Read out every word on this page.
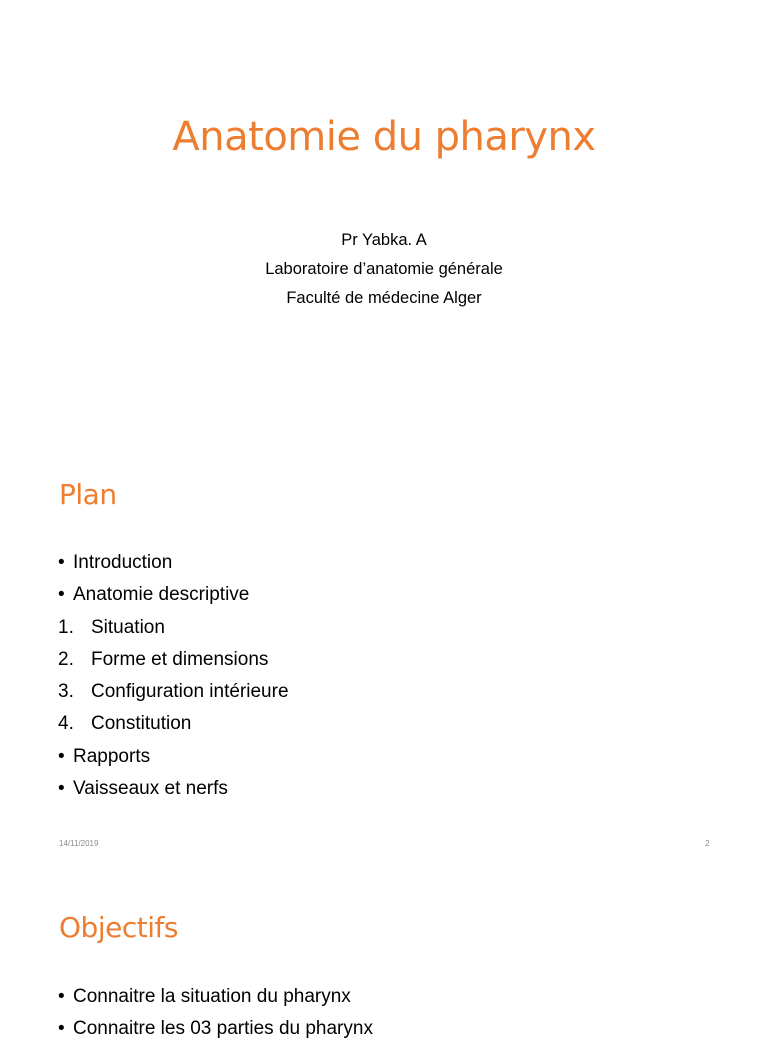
Anatomie du pharynx
Pr Yabka. A
Laboratoire d’anatomie générale
Faculté de médecine Alger
Plan
• Introduction
• Anatomie descriptive
1. Situation
2. Forme et dimensions
3. Configuration intérieure
4. Constitution
• Rapports
• Vaisseaux et nerfs
14/11/2019	2
Objectifs
• Connaitre la situation du pharynx
• Connaitre les 03 parties du pharynx
